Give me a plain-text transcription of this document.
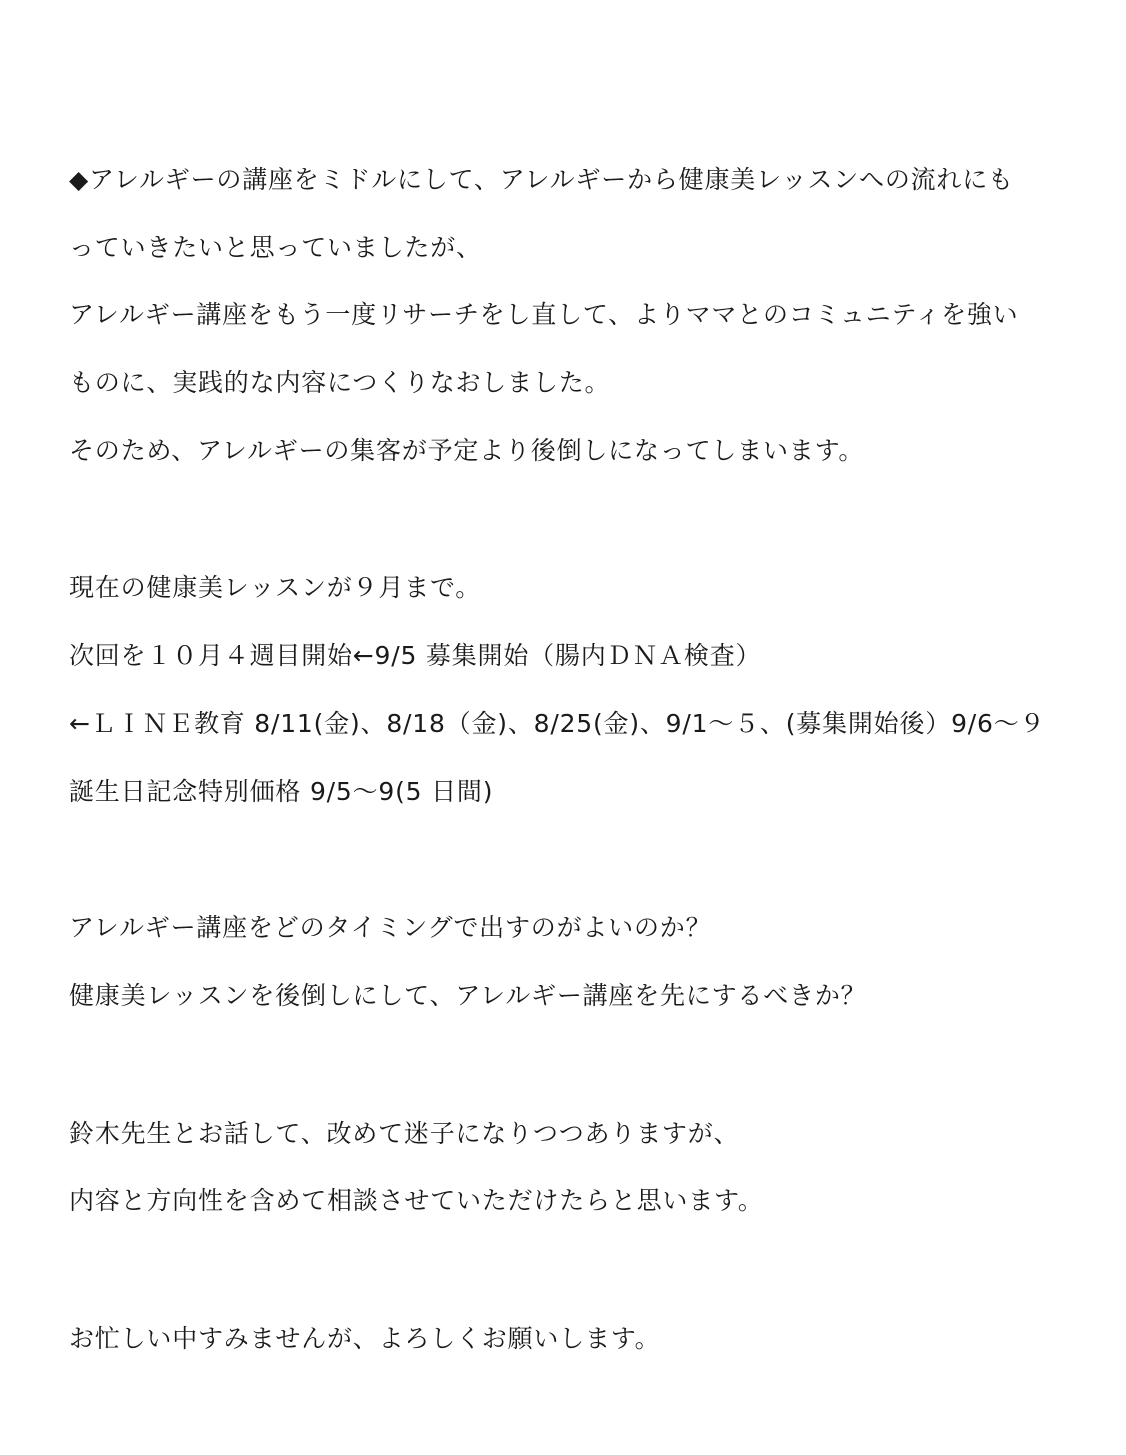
◆アレルギーの講座をミドルにして、アレルギーから健康美レッスンへの流れにも
っていきたいと思っていましたが、
アレルギー講座をもう一度リサーチをし直して、よりママとのコミュニティを強い
ものに、実践的な内容につくりなおしました。
そのため、アレルギーの集客が予定より後倒しになってしまいます。
現在の健康美レッスンが９月まで。
次回を１０月４週目開始←9/5 募集開始（腸内ＤＮＡ検査）
←ＬＩＮＥ教育 8/11(金)、8/18（金)、8/25(金)、9/1～５、(募集開始後）9/6～９
誕生日記念特別価格 9/5～9(5 日間)
アレルギー講座をどのタイミングで出すのがよいのか？
健康美レッスンを後倒しにして、アレルギー講座を先にするべきか？
鈴木先生とお話して、改めて迷子になりつつありますが、
内容と方向性を含めて相談させていただけたらと思います。
お忙しい中すみませんが、よろしくお願いします。
